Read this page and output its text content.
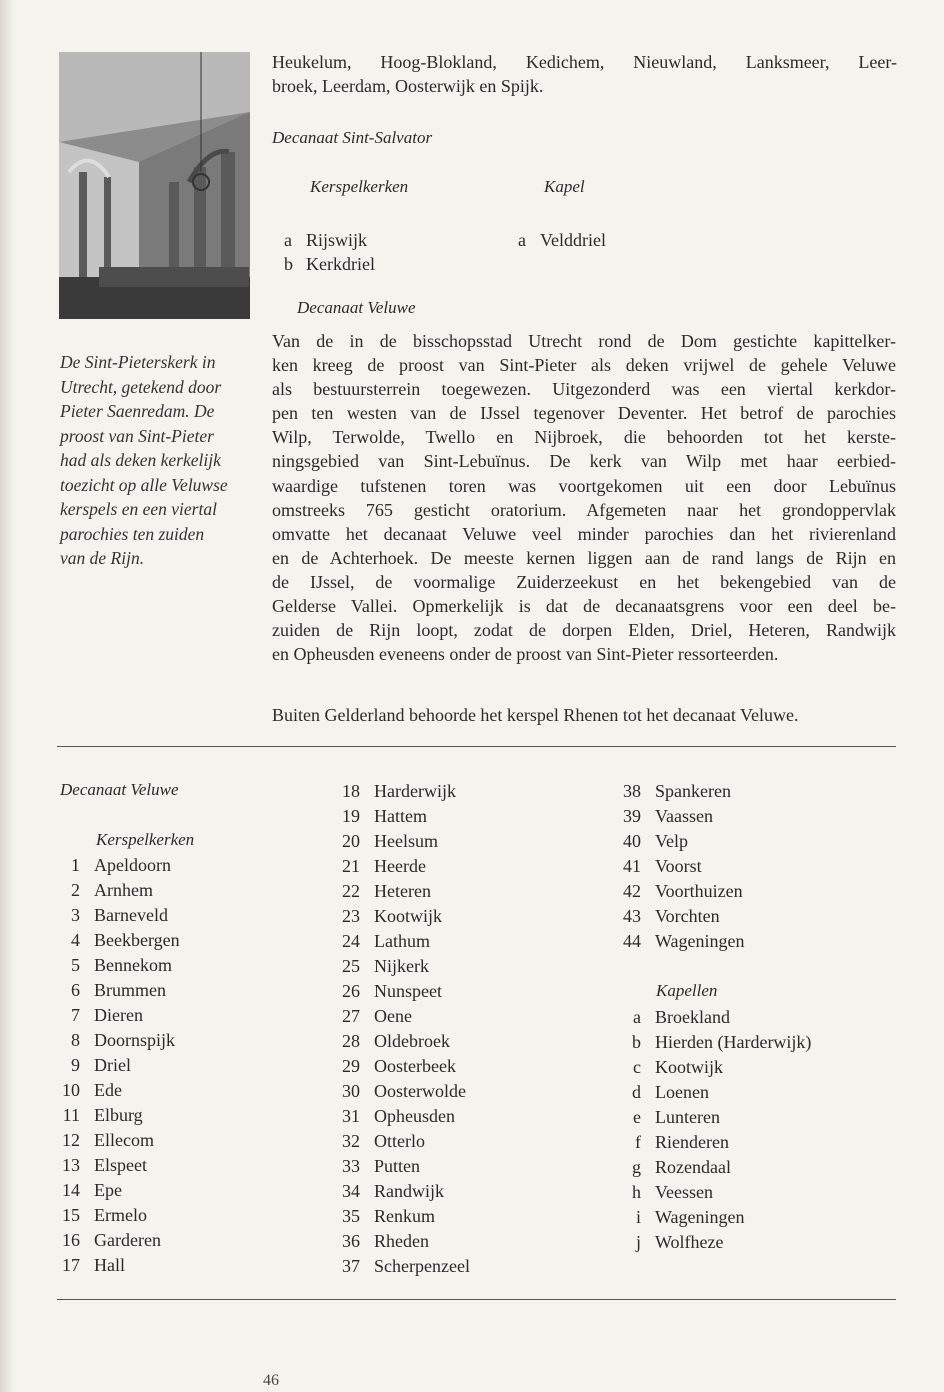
De Sint-Pieterskerk in
Utrecht, getekend door
Pieter Saenredam. De
proost van Sint-Pieter
had als deken kerkelijk
toezicht op alle Veluwse
kerspels en een viertal
parochies ten zuiden
van de Rijn.
Heukelum, Hoog-Blokland, Kedichem, Nieuwland, Lanksmeer, Leer-
broek, Leerdam, Oosterwijk en Spijk.
Decanaat Sint-Salvator
Kerspelkerken	Kapel
a Rijswijk
b Kerkdriel
a Velddriel
Decanaat Veluwe
Van de in de bisschopsstad Utrecht rond de Dom gestichte kapittelker-
ken kreeg de proost van Sint-Pieter als deken vrijwel de gehele Veluwe
als bestuursterrein toegewezen. Uitgezonderd was een viertal kerkdor-
pen ten westen van de IJssel tegenover Deventer. Het betrof de parochies
Wilp, Terwolde, Twello en Nijbroek, die behoorden tot het kerste-
ningsgebied van Sint-Lebuïnus. De kerk van Wilp met haar eerbied-
waardige tufstenen toren was voortgekomen uit een door Lebuïnus
omstreeks 765 gesticht oratorium. Afgemeten naar het grondoppervlak
omvatte het decanaat Veluwe veel minder parochies dan het rivierenland
en de Achterhoek. De meeste kernen liggen aan de rand langs de Rijn en
de IJssel, de voormalige Zuiderzeekust en het bekengebied van de
Gelderse Vallei. Opmerkelijk is dat de decanaatsgrens voor een deel be-
zuiden de Rijn loopt, zodat de dorpen Elden, Driel, Heteren, Randwijk
en Opheusden eveneens onder de proost van Sint-Pieter ressorteerden.
Buiten Gelderland behoorde het kerspel Rhenen tot het decanaat Veluwe.
Decanaat Veluwe
Kerspelkerken
1 Apeldoorn
2 Arnhem
3 Barneveld
4 Beekbergen
5 Bennekom
6 Brummen
7 Dieren
8 Doornspijk
9 Driel
10 Ede
11 Elburg
12 Ellecom
13 Elspeet
14 Epe
15 Ermelo
16 Garderen
17 Hall
18 Harderwijk
19 Hattem
20 Heelsum
21 Heerde
22 Heteren
23 Kootwijk
24 Lathum
25 Nijkerk
26 Nunspeet
27 Oene
28 Oldebroek
29 Oosterbeek
30 Oosterwolde
31 Opheusden
32 Otterlo
33 Putten
34 Randwijk
35 Renkum
36 Rheden
37 Scherpenzeel
38 Spankeren
39 Vaassen
40 Velp
41 Voorst
42 Voorthuizen
43 Vorchten
44 Wageningen
Kapellen
a Broekland
b Hierden (Harderwijk)
c Kootwijk
d Loenen
e Lunteren
f Rienderen
g Rozendaal
h Veessen
i Wageningen
j Wolfheze
46
